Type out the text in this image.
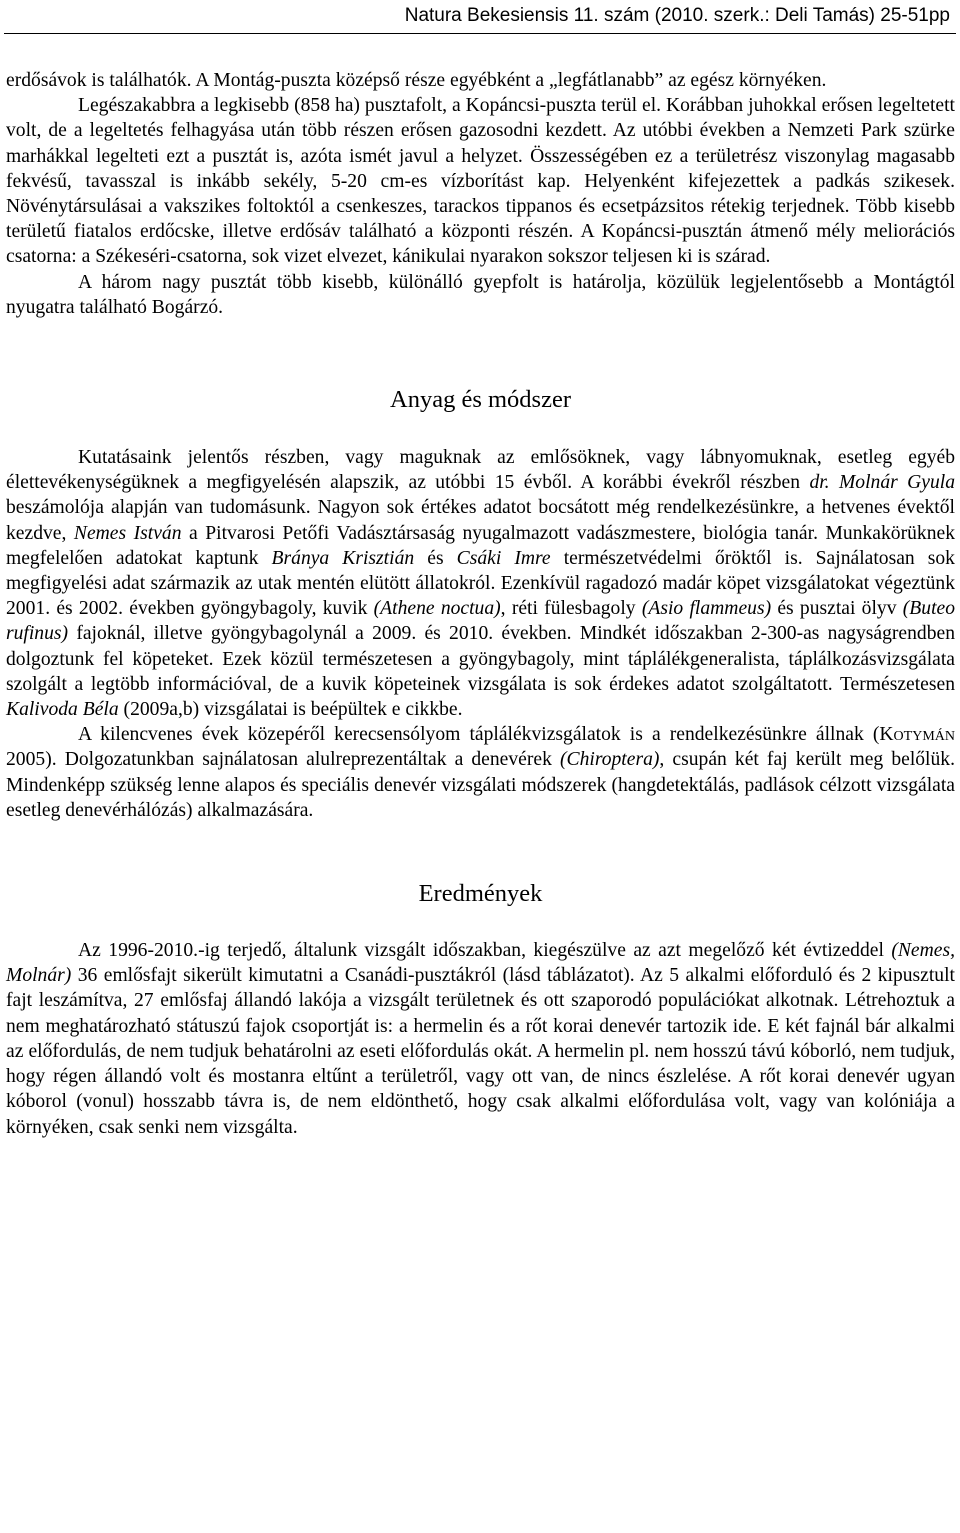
Natura Bekesiensis 11. szám (2010. szerk.: Deli Tamás) 25-51pp

erdősávok is találhatók. A Montág-puszta középső része egyébként a „legfátlanabb” az egész környéken.

Legészakabbra a legkisebb (858 ha) pusztafolt, a Kopáncsi-puszta terül el. Korábban juhokkal erősen legeltetett volt, de a legeltetés felhagyása után több részen erősen gazosodni kezdett. Az utóbbi években a Nemzeti Park szürke marhákkal legelteti ezt a pusztát is, azóta ismét javul a helyzet. Összességében ez a területrész viszonylag magasabb fekvésű, tavasszal is inkább sekély, 5-20 cm-es vízborítást kap. Helyenként kifejezettek a padkás szikesek. Növénytársulásai a vakszikes foltoktól a csenkeszes, tarackos tippanos és ecsetpázsitos rétekig terjednek. Több kisebb területű fiatalos erdőcske, illetve erdősáv található a központi részén. A Kopáncsi-pusztán átmenő mély meliorációs csatorna: a Székeséri-csatorna, sok vizet elvezet, kánikulai nyarakon sokszor teljesen ki is szárad.

A három nagy pusztát több kisebb, különálló gyepfolt is határolja, közülük legjelentősebb a Montágtól nyugatra található Bogárzó.

Anyag és módszer

Kutatásaink jelentős részben, vagy maguknak az emlősöknek, vagy lábnyomuknak, esetleg egyéb élettevékenységüknek a megfigyelésén alapszik, az utóbbi 15 évből. A korábbi évekről részben dr. Molnár Gyula beszámolója alapján van tudomásunk. Nagyon sok értékes adatot bocsátott még rendelkezésünkre, a hetvenes évektől kezdve, Nemes István a Pitvarosi Petőfi Vadásztársaság nyugalmazott vadászmestere, biológia tanár. Munkakörüknek megfelelően adatokat kaptunk Bránya Krisztián és Csáki Imre természetvédelmi őröktől is. Sajnálatosan sok megfigyelési adat származik az utak mentén elütött állatokról. Ezenkívül ragadozó madár köpet vizsgálatokat végeztünk 2001. és 2002. években gyöngybagoly, kuvik (Athene noctua), réti fülesbagoly (Asio flammeus) és pusztai ölyv (Buteo rufinus) fajoknál, illetve gyöngybagolynál a 2009. és 2010. években. Mindkét időszakban 2-300-as nagyságrendben dolgoztunk fel köpeteket. Ezek közül természetesen a gyöngybagoly, mint táplálékgeneralista, táplálkozásvizsgálata szolgált a legtöbb információval, de a kuvik köpeteinek vizsgálata is sok érdekes adatot szolgáltatott. Természetesen Kalivoda Béla (2009a,b) vizsgálatai is beépültek e cikkbe.

A kilencvenes évek közepéről kerecsensólyom táplálékvizsgálatok is a rendelkezésünkre állnak (Kotymán 2005). Dolgozatunkban sajnálatosan alulreprezentáltak a denevérek (Chiroptera), csupán két faj került meg belőlük. Mindenképp szükség lenne alapos és speciális denevér vizsgálati módszerek (hangdetektálás, padlások célzott vizsgálata esetleg denevérhálózás) alkalmazására.

Eredmények

Az 1996-2010.-ig terjedő, általunk vizsgált időszakban, kiegészülve az azt megelőző két évtizeddel (Nemes, Molnár) 36 emlősfajt sikerült kimutatni a Csanádi-pusztákról (lásd táblázatot). Az 5 alkalmi előforduló és 2 kipusztult fajt leszámítva, 27 emlősfaj állandó lakója a vizsgált területnek és ott szaporodó populációkat alkotnak. Létrehoztuk a nem meghatározható státuszú fajok csoportját is: a hermelin és a rőt korai denevér tartozik ide. E két fajnál bár alkalmi az előfordulás, de nem tudjuk behatárolni az eseti előfordulás okát. A hermelin pl. nem hosszú távú kóborló, nem tudjuk, hogy régen állandó volt és mostanra eltűnt a területről, vagy ott van, de nincs észlelése. A rőt korai denevér ugyan kóborol (vonul) hosszabb távra is, de nem eldönthető, hogy csak alkalmi előfordulása volt, vagy van kolóniája a környéken, csak senki nem vizsgálta.
